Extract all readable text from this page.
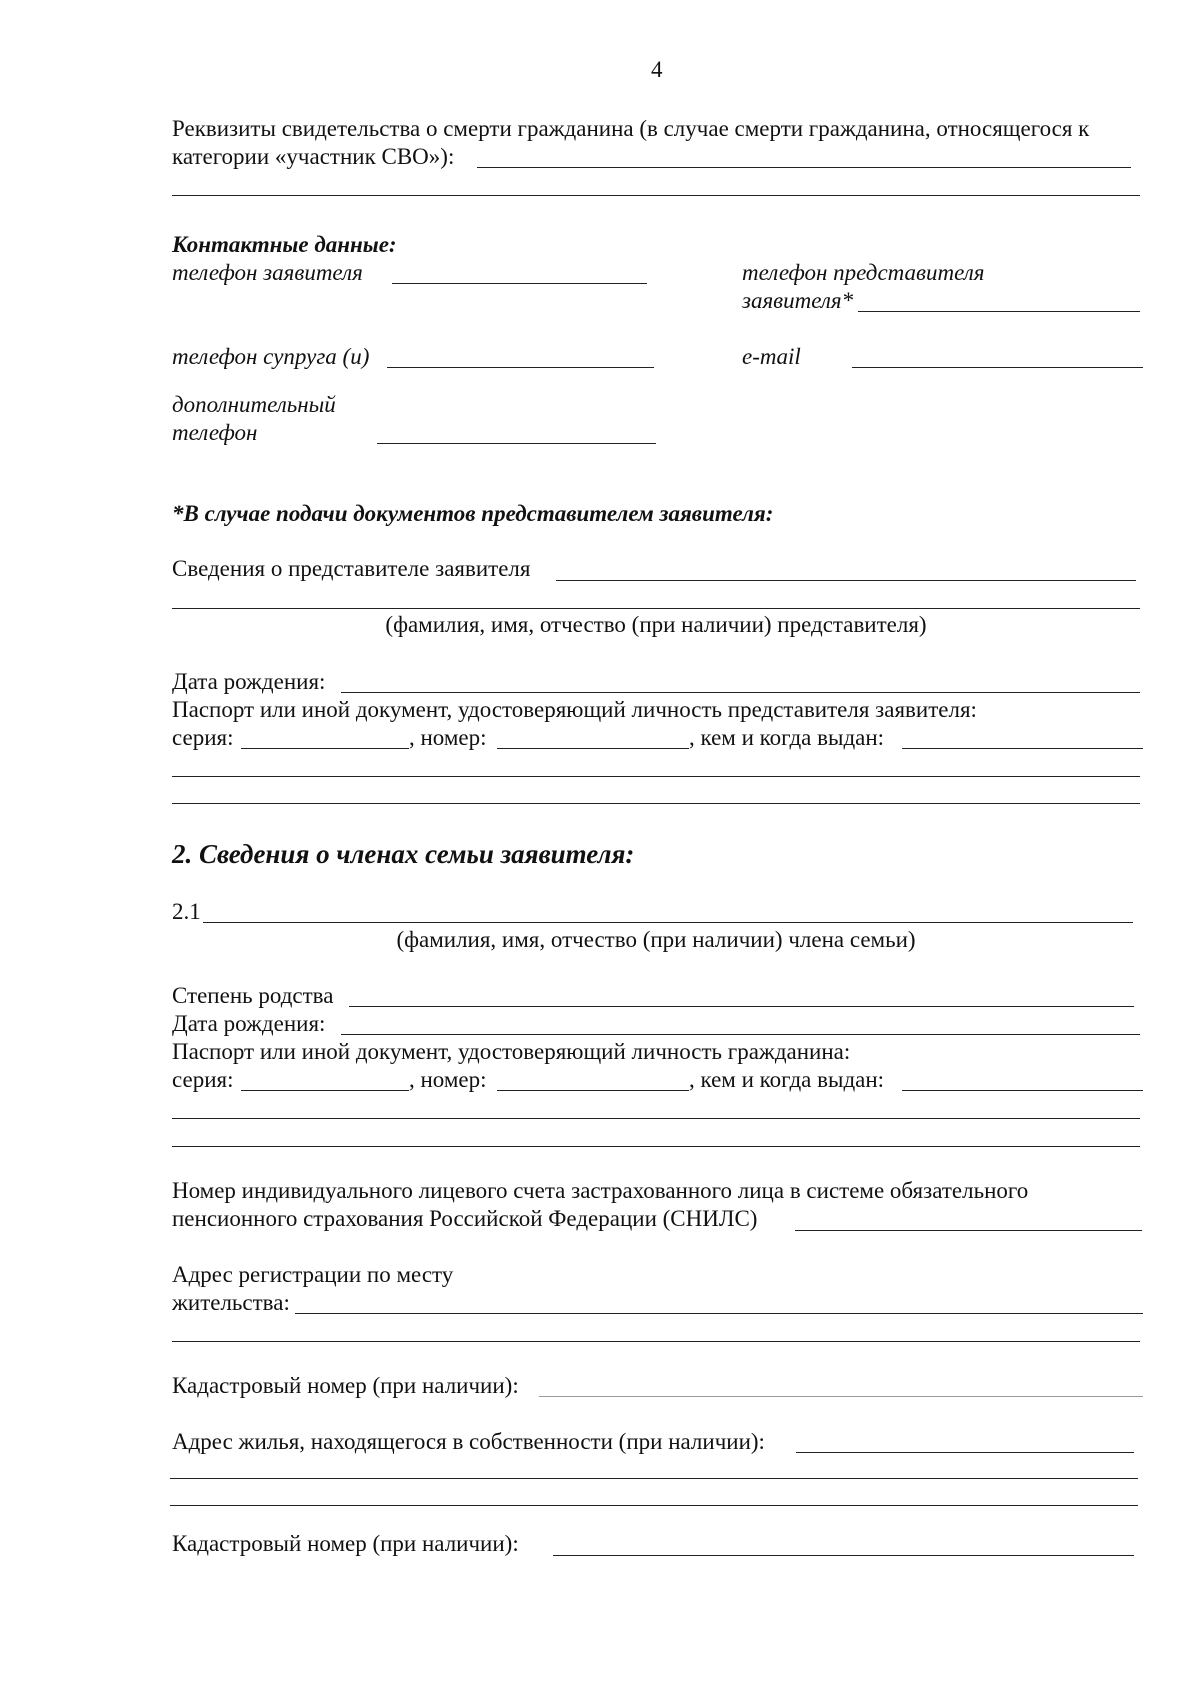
4
Реквизиты свидетельства о смерти гражданина (в случае смерти гражданина, относящегося к
категории «участник СВО»):
Контактные данные:
телефон заявителя	телефон представителя
заявителя*
телефон супруга (и)	e-mail
дополнительный
телефон
*В случае подачи документов представителем заявителя:
Сведения о представителе заявителя
(фамилия, имя, отчество (при наличии) представителя)
Дата рождения:
Паспорт или иной документ, удостоверяющий личность представителя заявителя:
серия:	, номер:	, кем и когда выдан:
2. Сведения о членах семьи заявителя:
2.1
(фамилия, имя, отчество (при наличии) члена семьи)
Степень родства
Дата рождения:
Паспорт или иной документ, удостоверяющий личность гражданина:
серия:	, номер:	, кем и когда выдан:
Номер индивидуального лицевого счета застрахованного лица в системе обязательного
пенсионного страхования Российской Федерации (СНИЛС)
Адрес регистрации по месту
жительства:
Кадастровый номер (при наличии):
Адрес жилья, находящегося в собственности (при наличии):
Кадастровый номер (при наличии):
